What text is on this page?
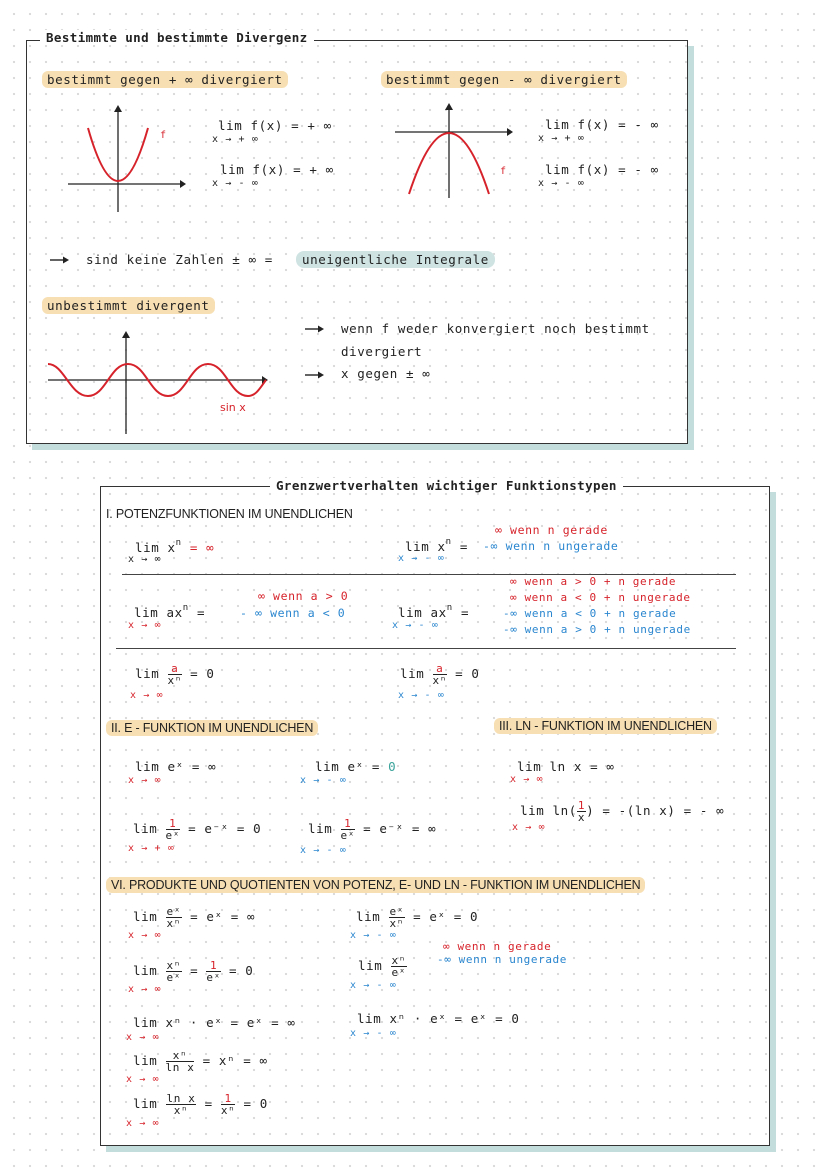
Bestimmte und bestimmte Divergenz
bestimmt gegen + ∞ divergiert	bestimmt gegen - ∞ divergiert
f
lim f(x) = + ∞
x → + ∞
lim f(x) = + ∞
x → - ∞
f
lim f(x) = - ∞
x → + ∞
lim f(x) = - ∞
x → - ∞
sind keine Zahlen ± ∞ =	uneigentliche Integrale
unbestimmt divergent
sin x
wenn f weder konvergiert noch bestimmt
divergiert
x gegen ± ∞
Grenzwertverhalten wichtiger Funktionstypen
I. POTENZFUNKTIONEN IM UNENDLICHEN
$\lim x^n$ = ∞
x → ∞
$\lim x^n$ =
x → - ∞
∞ wenn n gerade
-∞ wenn n ungerade
$\lim ax^n$ =
x → ∞
∞ wenn a > 0
- ∞ wenn a < 0	$\lim ax^n$ =
x → - ∞
∞ wenn a > 0 + n gerade
∞ wenn a < 0 + n ungerade
-∞ wenn a < 0 + n gerade
-∞ wenn a > 0 + n ungerade
$\lim \frac{a}{\text{xⁿ}} = 0$
x → ∞
$\lim \frac{a}{\text{xⁿ}} = 0$
x → - ∞
II. E - FUNKTION IM UNENDLICHEN	III. LN - FUNKTION IM UNENDLICHEN
lim eˣ = ∞
x → ∞
lim eˣ = 0
x → - ∞
lim ln x = ∞
x → ∞
$\lim \frac{1}{\text{eˣ}}$ = e⁻ˣ = 0
x → + ∞
$\lim \frac{1}{\text{eˣ}}$ = e⁻ˣ = ∞
x → - ∞
$\lim \ln( \frac{1}{x}$ ) = -(ln x) = - ∞
x → ∞
VI. PRODUKTE UND QUOTIENTEN VON POTENZ, E- UND LN - FUNKTION IM UNENDLICHEN
$\lim \frac{\text{eˣ}}{\text{xⁿ}}$ = eˣ = ∞
x → ∞
$\lim \frac{\text{eˣ}}{\text{xⁿ}}$ = eˣ = 0
x → - ∞
$\lim \frac{\text{xⁿ}}{\text{eˣ}} = \frac{1}{\text{eˣ}} = 0$
x → ∞
$\lim \frac{\text{xⁿ}}{\text{eˣ}}$
x → - ∞
∞ wenn n gerade
-∞ wenn n ungerade
lim xⁿ · eˣ = eˣ = ∞
x → ∞
lim xⁿ · eˣ = eˣ = 0
x → - ∞
$\lim \frac{\text{xⁿ}}{\text{ln x}} = x^n$ = ∞
x → ∞
$\lim \frac{\text{ln x}}{\text{xⁿ}} = \frac{1}{\text{xⁿ}} = 0$
x → ∞
